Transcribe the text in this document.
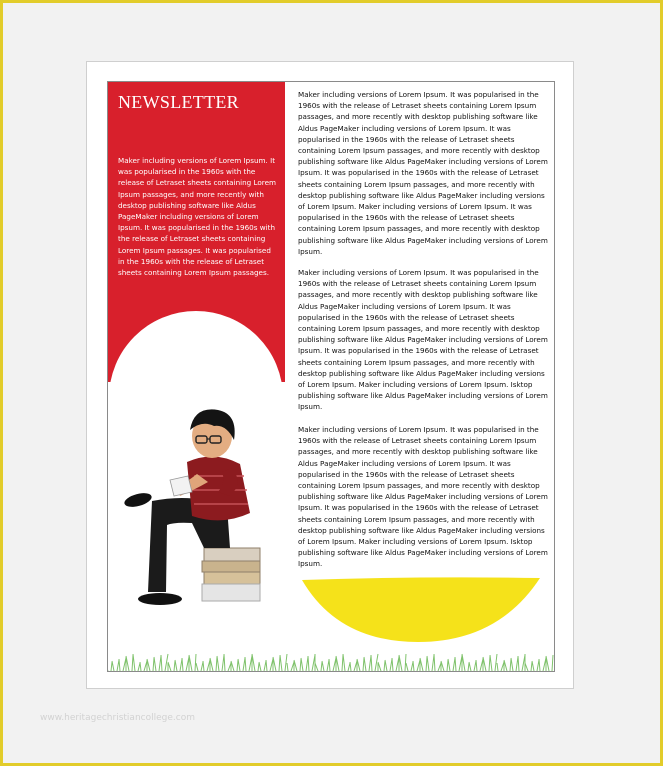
NEWSLETTER
Maker including versions of Lorem Ipsum. It was popularised in the 1960s with the release of Letraset sheets containing Lorem Ipsum passages, and more recently with desktop publishing software like Aldus PageMaker including versions of Lorem Ipsum. It was popularised in the 1960s with the release of Letraset sheets containing Lorem Ipsum passages. It was popularised in the 1960s with the release of Letraset sheets containing Lorem Ipsum passages.
Maker including versions of Lorem Ipsum. It was popularised in the 1960s with the release of Letraset sheets containing Lorem Ipsum passages, and more recently with desktop publishing software like Aldus PageMaker including versions of Lorem Ipsum. It was popularised in the 1960s with the release of Letraset sheets containing Lorem Ipsum passages, and more recently with desktop publishing software like Aldus PageMaker including versions of Lorem Ipsum. It was popularised in the 1960s with the release of Letraset sheets containing Lorem Ipsum passages, and more recently with desktop publishing software like Aldus PageMaker including versions of Lorem Ipsum. Maker including versions of Lorem Ipsum. It was popularised in the 1960s with the release of Letraset sheets containing Lorem Ipsum passages, and more recently with desktop publishing software like Aldus PageMaker including versions of Lorem Ipsum.
Maker including versions of Lorem Ipsum. It was popularised in the 1960s with the release of Letraset sheets containing Lorem Ipsum passages, and more recently with desktop publishing software like Aldus PageMaker including versions of Lorem Ipsum. It was popularised in the 1960s with the release of Letraset sheets containing Lorem Ipsum passages, and more recently with desktop publishing software like Aldus PageMaker including versions of Lorem Ipsum. It was popularised in the 1960s with the release of Letraset sheets containing Lorem Ipsum passages, and more recently with desktop publishing software like Aldus PageMaker including versions of Lorem Ipsum. Maker including versions of Lorem Ipsum. Isktop publishing software like Aldus PageMaker including versions of Lorem Ipsum.
Maker including versions of Lorem Ipsum. It was popularised in the 1960s with the release of Letraset sheets containing Lorem Ipsum passages, and more recently with desktop publishing software like Aldus PageMaker including versions of Lorem Ipsum. It was popularised in the 1960s with the release of Letraset sheets containing Lorem Ipsum passages, and more recently with desktop publishing software like Aldus PageMaker including versions of Lorem Ipsum. It was popularised in the 1960s with the release of Letraset sheets containing Lorem Ipsum passages, and more recently with desktop publishing software like Aldus PageMaker including versions of Lorem Ipsum. Maker including versions of Lorem Ipsum. Isktop publishing software like Aldus PageMaker including versions of Lorem Ipsum.
www.heritagechristiancollege.com
